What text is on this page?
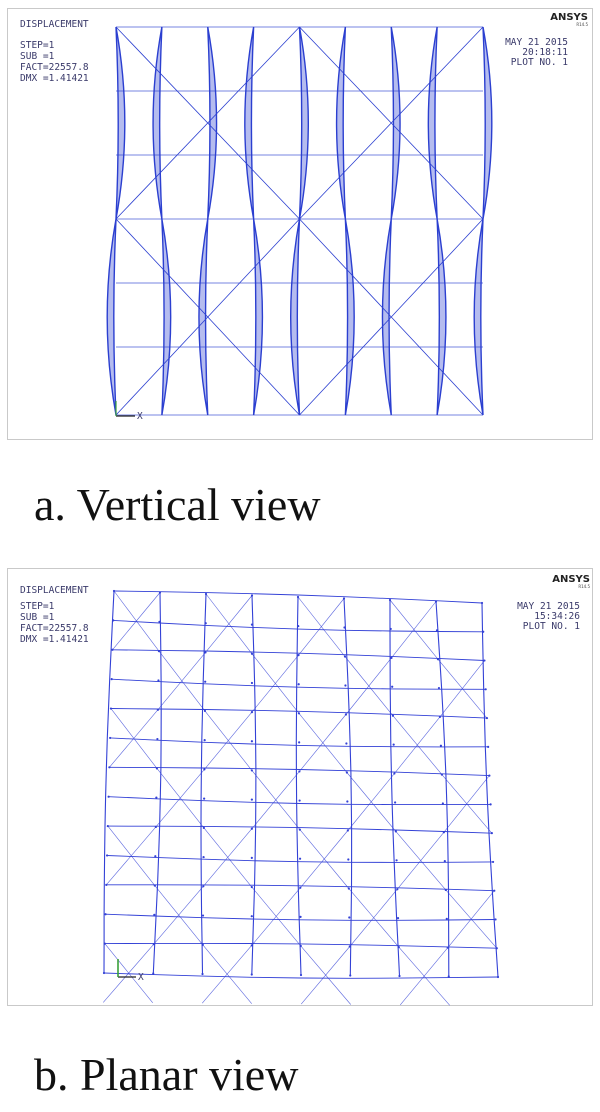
DISPLACEMENT
STEP=1
SUB =1
FACT=22557.8
DMX =1.41421
ANSYS
R14.5
MAY 21 2015
20:18:11
PLOT NO. 1
X
a. Vertical view
DISPLACEMENT
STEP=1
SUB =1
FACT=22557.8
DMX =1.41421
ANSYS
R14.5
MAY 21 2015
15:34:26
PLOT NO. 1
X
b. Planar view
